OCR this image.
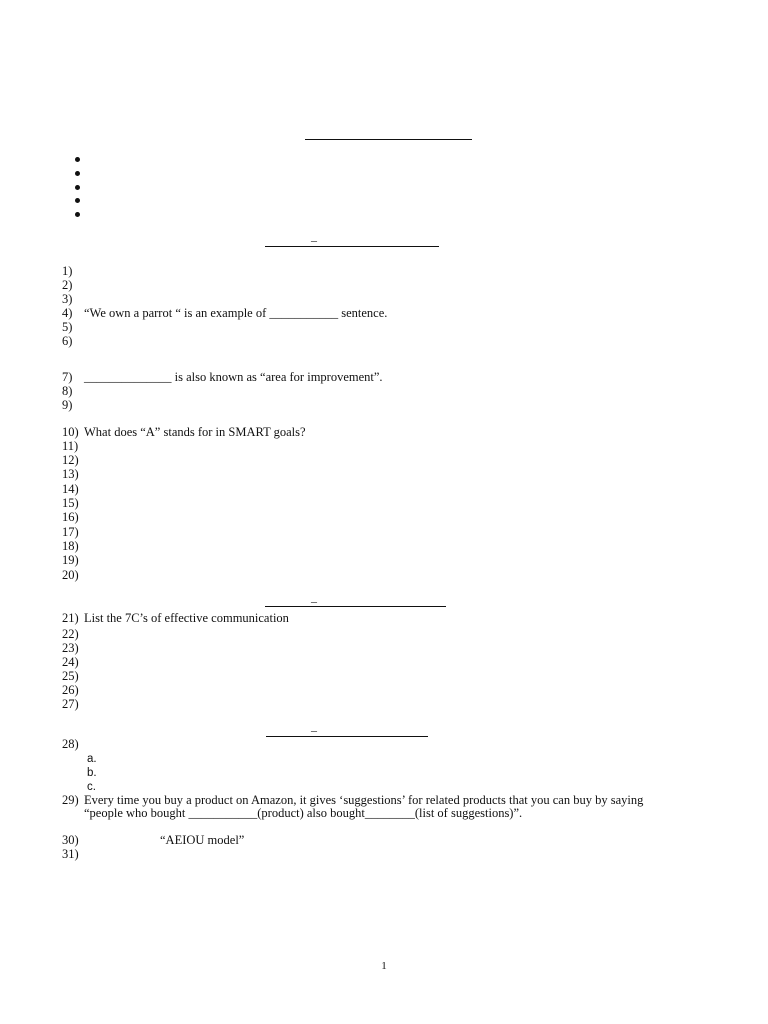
–
1)
2)
3)
4) “We own a parrot “ is an example of ___________ sentence.
5)
6)
7) ______________ is also known as “area for improvement”.
8)
9)
10) What does “A” stands for in SMART goals?
11)
12)
13)
14)
15)
16)
17)
18)
19)
20)
–
21) List the 7C’s of effective communication
22)
23)
24)
25)
26)
27)
–
28)
a.
b.
c.
29) Every time you buy a product on Amazon, it gives ‘suggestions’ for related products that you can buy by saying
“people who bought ___________(product) also bought________(list of suggestions)”.
30)	“AEIOU model”
31)
1
